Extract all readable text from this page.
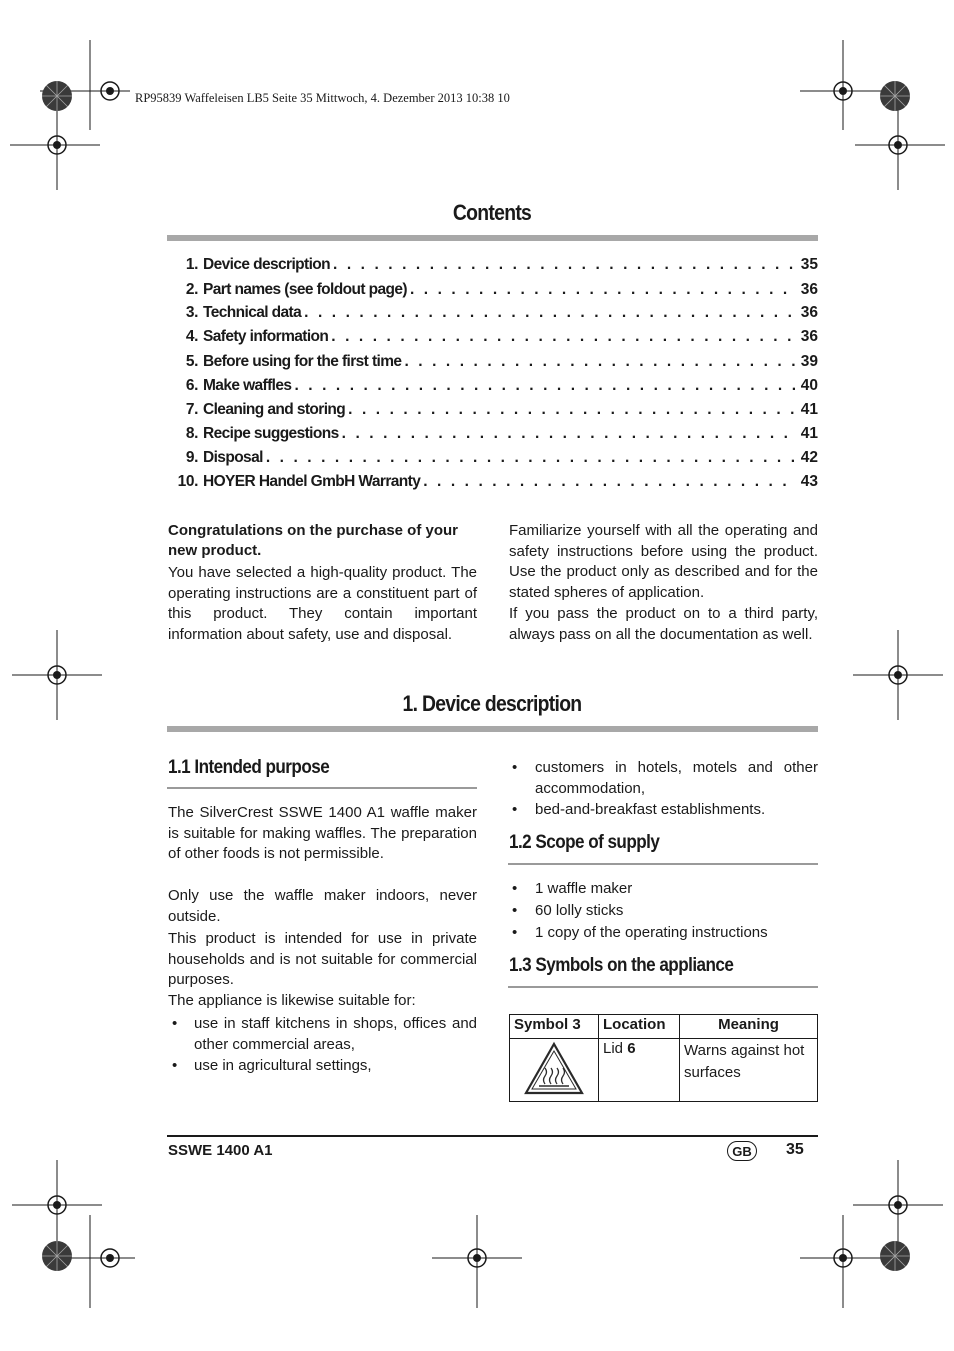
RP95839 Waffeleisen LB5 Seite 35 Mittwoch, 4. Dezember 2013 10:38 10
Contents
1. Device description . . .	35
2. Part names (see foldout page) . . .	36
3. Technical data . . .	36
4. Safety information . . .	36
5. Before using for the first time . . .	39
6. Make waffles . . .	40
7. Cleaning and storing . . .	41
8. Recipe suggestions . . .	41
9. Disposal . . .	42
10. HOYER Handel GmbH Warranty . . .	43
Congratulations on the purchase of your new product.
You have selected a high-quality product. The operating instructions are a constituent part of this product. They contain important information about safety, use and disposal.
Familiarize yourself with all the operating and safety instructions before using the product. Use the product only as described and for the stated spheres of application.
If you pass the product on to a third party, always pass on all the documentation as well.
1. Device description
1.1 Intended purpose
The SilverCrest SSWE 1400 A1 waffle maker is suitable for making waffles. The preparation of other foods is not permissible.
Only use the waffle maker indoors, never outside.
This product is intended for use in private households and is not suitable for commercial purposes.
The appliance is likewise suitable for:
• use in staff kitchens in shops, offices and other commercial areas,
• use in agricultural settings,
• customers in hotels, motels and other accommodation,
• bed-and-breakfast establishments.
1.2 Scope of supply
• 1 waffle maker
• 60 lolly sticks
• 1 copy of the operating instructions
1.3 Symbols on the appliance
Symbol 3	Location	Meaning
	Lid 6	Warns against hot surfaces
SSWE 1400 A1	GB	35
